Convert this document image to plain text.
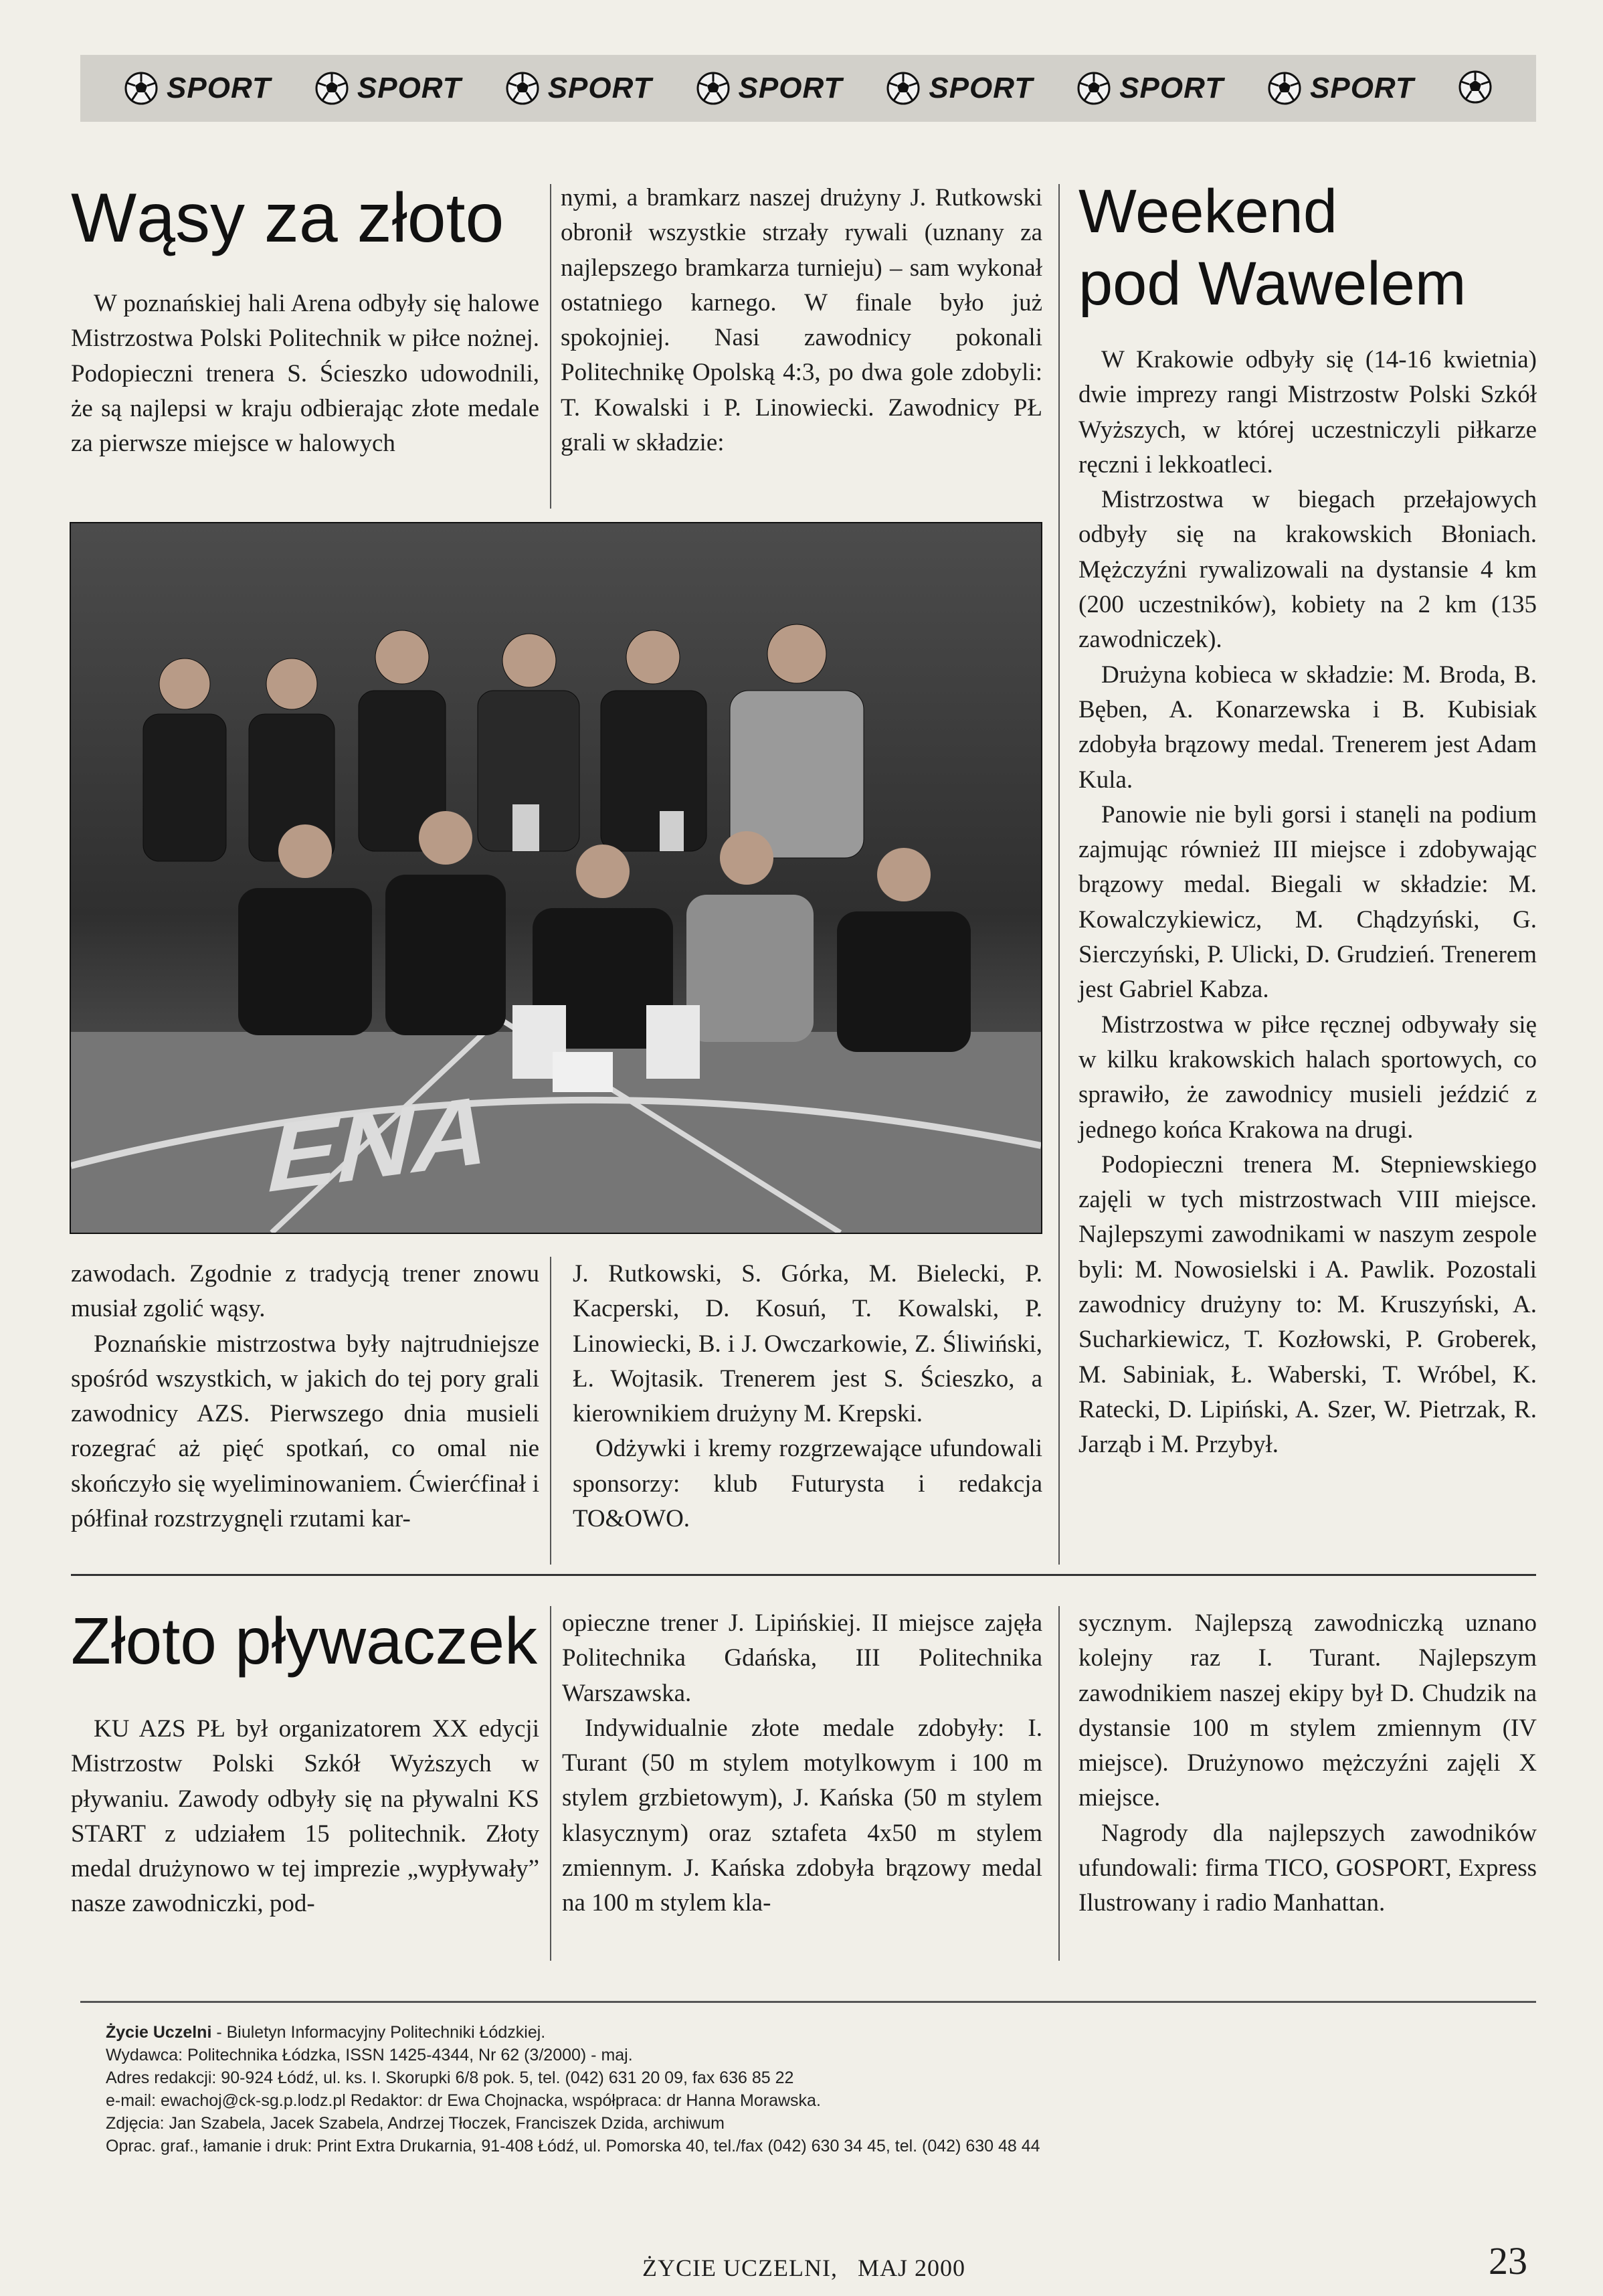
SPORT	SPORT	SPORT	SPORT	SPORT	SPORT	SPORT
Wąsy za złoto

W poznańskiej hali Arena odbyły się halowe Mistrzostwa Polski Politechnik w piłce nożnej. Podopieczni trenera S. Ścieszko udowodnili, że są najlepsi w kraju odbierając złote medale za pierwsze miejsce w halowych

nymi, a bramkarz naszej drużyny J. Rutkowski obronił wszystkie strzały rywali (uznany za najlepszego bramkarza turnieju) – sam wykonał ostatniego karnego. W finale było już spokojniej. Nasi zawodnicy pokonali Politechnikę Opolską 4:3, po dwa gole zdobyli: T. Kowalski i P. Linowiecki. Zawodnicy PŁ grali w składzie:

ENA

zawodach. Zgodnie z tradycją trener znowu musiał zgolić wąsy.

Poznańskie mistrzostwa były najtrudniejsze spośród wszystkich, w jakich do tej pory grali zawodnicy AZS. Pierwszego dnia musieli rozegrać aż pięć spotkań, co omal nie skończyło się wyeliminowaniem. Ćwierćfinał i półfinał rozstrzygnęli rzutami kar-

J. Rutkowski, S. Górka, M. Bielecki, P. Kacperski, D. Kosuń, T. Kowalski, P. Linowiecki, B. i J. Owczarkowie, Z. Śliwiński, Ł. Wojtasik. Trenerem jest S. Ścieszko, a kierownikiem drużyny M. Krepski.

Odżywki i kremy rozgrzewające ufundowali sponsorzy: klub Futurysta i redakcja TO&OWO.

Weekend
pod Wawelem

W Krakowie odbyły się (14-16 kwietnia) dwie imprezy rangi Mistrzostw Polski Szkół Wyższych, w której uczestniczyli piłkarze ręczni i lekkoatleci.

Mistrzostwa w biegach przełajowych odbyły się na krakowskich Błoniach. Mężczyźni rywalizowali na dystansie 4 km (200 uczestników), kobiety na 2 km (135 zawodniczek).

Drużyna kobieca w składzie: M. Broda, B. Bęben, A. Konarzewska i B. Kubisiak zdobyła brązowy medal. Trenerem jest Adam Kula.

Panowie nie byli gorsi i stanęli na podium zajmując również III miejsce i zdobywając brązowy medal. Biegali w składzie: M. Kowalczykiewicz, M. Chądzyński, G. Sierczyński, P. Ulicki, D. Grudzień. Trenerem jest Gabriel Kabza.

Mistrzostwa w piłce ręcznej odbywały się w kilku krakowskich halach sportowych, co sprawiło, że zawodnicy musieli jeździć z jednego końca Krakowa na drugi.

Podopieczni trenera M. Stepniewskiego zajęli w tych mistrzostwach VIII miejsce. Najlepszymi zawodnikami w naszym zespole byli: M. Nowosielski i A. Pawlik. Pozostali zawodnicy drużyny to: M. Kruszyński, A. Sucharkiewicz, T. Kozłowski, P. Groberek, M. Sabiniak, Ł. Waberski, T. Wróbel, K. Ratecki, D. Lipiński, A. Szer, W. Pietrzak, R. Jarząb i M. Przybył.

Złoto pływaczek

KU AZS PŁ był organizatorem XX edycji Mistrzostw Polski Szkół Wyższych w pływaniu. Zawody odbyły się na pływalni KS START z udziałem 15 politechnik. Złoty medal drużynowo w tej imprezie „wypływały” nasze zawodniczki, pod-

opieczne trener J. Lipińskiej. II miejsce zajęła Politechnika Gdańska, III Politechnika Warszawska.

Indywidualnie złote medale zdobyły: I. Turant (50 m stylem motylkowym i 100 m stylem grzbietowym), J. Kańska (50 m stylem klasycznym) oraz sztafeta 4x50 m stylem zmiennym. J. Kańska zdobyła brązowy medal na 100 m stylem kla-

sycznym. Najlepszą zawodniczką uznano kolejny raz I. Turant. Najlepszym zawodnikiem naszej ekipy był D. Chudzik na dystansie 100 m stylem zmiennym (IV miejsce). Drużynowo mężczyźni zajęli X miejsce.

Nagrody dla najlepszych zawodników ufundowali: firma TICO, GOSPORT, Express Ilustrowany i radio Manhattan.

Życie Uczelni - Biuletyn Informacyjny Politechniki Łódzkiej.
Wydawca: Politechnika Łódzka, ISSN 1425-4344, Nr 62 (3/2000) - maj.
Adres redakcji: 90-924 Łódź, ul. ks. I. Skorupki 6/8 pok. 5, tel. (042) 631 20 09, fax 636 85 22
e-mail: ewachoj@ck-sg.p.lodz.pl Redaktor: dr Ewa Chojnacka, współpraca: dr Hanna Morawska.
Zdjęcia: Jan Szabela, Jacek Szabela, Andrzej Tłoczek, Franciszek Dzida, archiwum
Oprac. graf., łamanie i druk: Print Extra Drukarnia, 91-408 Łódź, ul. Pomorska 40, tel./fax (042) 630 34 45, tel. (042) 630 48 44
ŻYCIE UCZELNI, MAJ 2000	23
